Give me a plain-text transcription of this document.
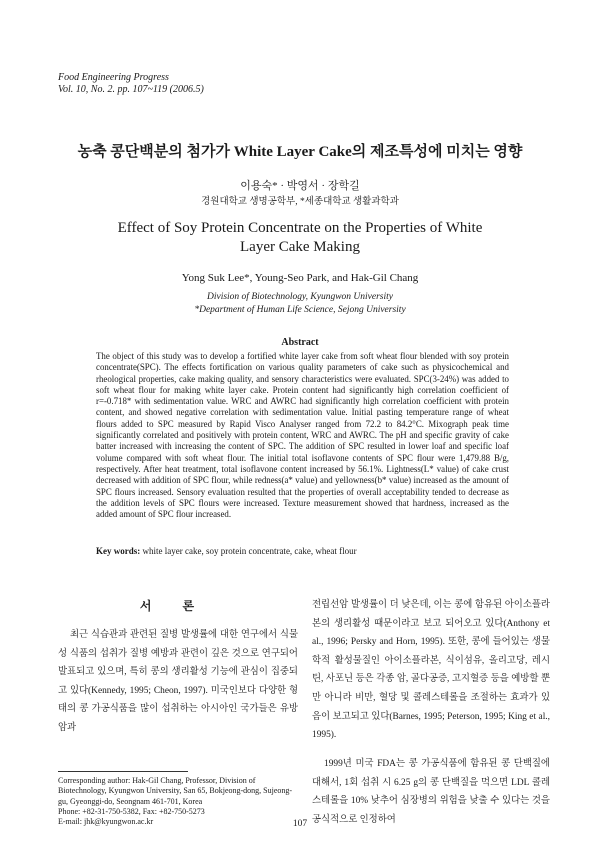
Food Engineering Progress
Vol. 10, No. 2. pp. 107~119 (2006.5)
농축 콩단백분의 첨가가 White Layer Cake의 제조특성에 미치는 영향
이용숙* · 박영서 · 장학길
경원대학교 생명공학부, *세종대학교 생활과학과
Effect of Soy Protein Concentrate on the Properties of White Layer Cake Making
Yong Suk Lee*, Young-Seo Park, and Hak-Gil Chang
Division of Biotechnology, Kyungwon University
*Department of Human Life Science, Sejong University
Abstract
The object of this study was to develop a fortified white layer cake from soft wheat flour blended with soy protein concentrate(SPC). The effects fortification on various quality parameters of cake such as physicochemical and rheological properties, cake making quality, and sensory characteristics were evaluated. SPC(3-24%) was added to soft wheat flour for making white layer cake. Protein content had significantly high correlation coefficient of r=-0.718* with sedimentation value. WRC and AWRC had significantly high correlation coefficient with protein content, and showed negative correlation with sedimentation value. Initial pasting temperature range of wheat flours added to SPC measured by Rapid Visco Analyser ranged from 72.2 to 84.2°C. Mixograph peak time significantly correlated and positively with protein content, WRC and AWRC. The pH and specific gravity of cake batter increased with increasing the content of SPC. The addition of SPC resulted in lower loaf and specific loaf volume compared with soft wheat flour. The initial total isoflavone contents of SPC flour were 1,479.88 B/g, respectively. After heat treatment, total isoflavone content increased by 56.1%. Lightness(L* value) of cake crust decreased with addition of SPC flour, while redness(a* value) and yellowness(b* value) increased as the amount of SPC flours increased. Sensory evaluation resulted that the properties of overall acceptability tended to decrease as the addition levels of SPC flours were increased. Texture measurement showed that hardness, increased as the added amount of SPC flour increased.
Key words: white layer cake, soy protein concentrate, cake, wheat flour
서 론

최근 식습관과 관련된 질병 발생률에 대한 연구에서 식물성 식품의 섭취가 질병 예방과 관련이 깊은 것으로 연구되어 발표되고 있으며, 특히 콩의 생리활성 기능에 관심이 집중되고 있다(Kennedy, 1995; Cheon, 1997). 미국인보다 다양한 형태의 콩 가공식품을 많이 섭취하는 아시아인 국가들은 유방암과

전립선암 발생률이 더 낮은데, 이는 콩에 함유된 아이소플라본의 생리활성 때문이라고 보고 되어오고 있다(Anthony et al., 1996; Persky and Horn, 1995). 또한, 콩에 들어있는 생물학적 활성물질인 아이소플라본, 식이섬유, 올리고당, 레시틴, 사포닌 등은 각종 암, 골다공증, 고지혈증 등을 예방할 뿐만 아니라 비만, 혈당 및 콜레스테롤을 조절하는 효과가 있음이 보고되고 있다(Barnes, 1995; Peterson, 1995; King et al., 1995).

1999년 미국 FDA는 콩 가공식품에 함유된 콩 단백질에 대해서, 1회 섭취 시 6.25 g의 콩 단백질을 먹으면 LDL 콜레스테롤을 10% 낮추어 심장병의 위험을 낮출 수 있다는 것을 공식적으로 인정하여

Corresponding author: Hak-Gil Chang, Professor, Division of Biotechnology, Kyungwon University, San 65, Bokjeong-dong, Sujeong-gu, Gyeonggi-do, Seongnam 461-701, Korea
Phone: +82-31-750-5382, Fax: +82-750-5273
E-mail: jhk@kyungwon.ac.kr	107
